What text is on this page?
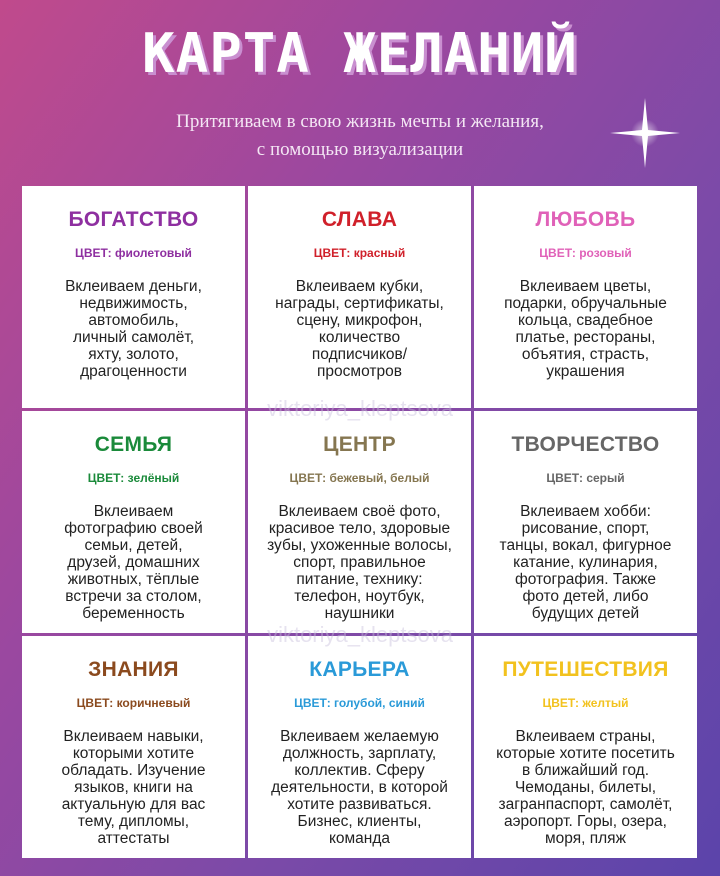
КАРТА ЖЕЛАНИЙ
Притягиваем в свою жизнь мечты и желания,
с помощью визуализации
БОГАТСТВО
ЦВЕТ: фиолетовый
Вклеиваем деньги,
недвижимость,
автомобиль,
личный самолёт,
яхту, золото,
драгоценности
СЛАВА
ЦВЕТ: красный
Вклеиваем кубки,
награды, сертификаты,
сцену, микрофон,
количество
подписчиков/
просмотров
ЛЮБОВЬ
ЦВЕТ: розовый
Вклеиваем цветы,
подарки, обручальные
кольца, свадебное
платье, рестораны,
объятия, страсть,
украшения
СЕМЬЯ
ЦВЕТ: зелёный
Вклеиваем
фотографию своей
семьи, детей,
друзей, домашних
животных, тёплые
встречи за столом,
беременность
ЦЕНТР
ЦВЕТ: бежевый, белый
Вклеиваем своё фото,
красивое тело, здоровые
зубы, ухоженные волосы,
спорт, правильное
питание, технику:
телефон, ноутбук,
наушники
ТВОРЧЕСТВО
ЦВЕТ: серый
Вклеиваем хобби:
рисование, спорт,
танцы, вокал, фигурное
катание, кулинария,
фотография. Также
фото детей, либо
будущих детей
ЗНАНИЯ
ЦВЕТ: коричневый
Вклеиваем навыки,
которыми хотите
обладать. Изучение
языков, книги на
актуальную для вас
тему, дипломы,
аттестаты
КАРЬЕРА
ЦВЕТ: голубой, синий
Вклеиваем желаемую
должность, зарплату,
коллектив. Сферу
деятельности, в которой
хотите развиваться.
Бизнес, клиенты,
команда
ПУТЕШЕСТВИЯ
ЦВЕТ: желтый
Вклеиваем страны,
которые хотите посетить
в ближайший год.
Чемоданы, билеты,
загранпаспорт, самолёт,
аэропорт. Горы, озера,
моря, пляж
viktoriya_kleptsova
viktoriya_kleptsova
